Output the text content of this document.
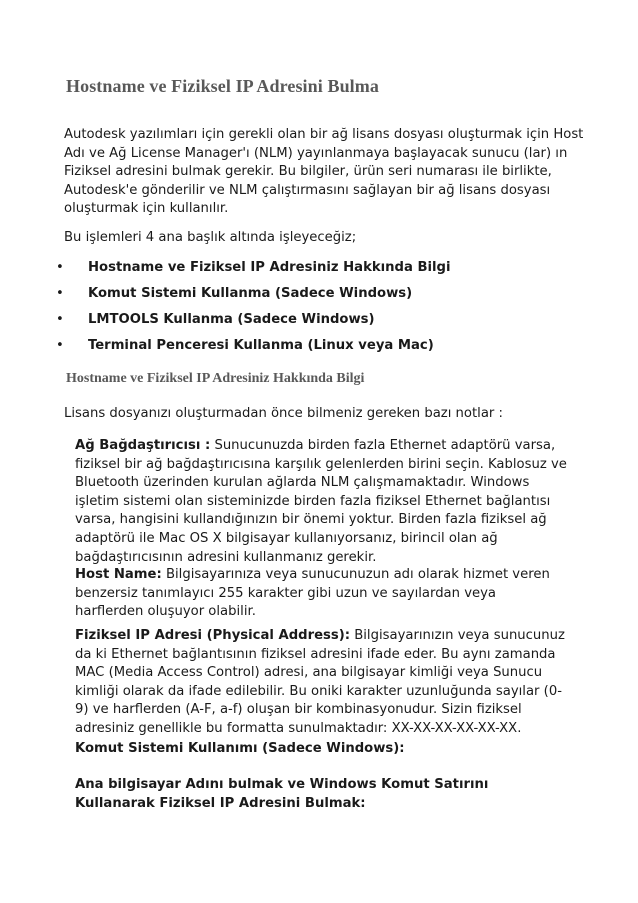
Hostname ve Fiziksel IP Adresini Bulma

Autodesk yazılımları için gerekli olan bir ağ lisans dosyası oluşturmak için Host Adı ve Ağ License Manager'ı (NLM) yayınlanmaya başlayacak sunucu (lar) ın Fiziksel adresini bulmak gerekir. Bu bilgiler, ürün seri numarası ile birlikte, Autodesk'e gönderilir ve NLM çalıştırmasını sağlayan bir ağ lisans dosyası oluşturmak için kullanılır.

Bu işlemleri 4 ana başlık altında işleyeceğiz;

• Hostname ve Fiziksel IP Adresiniz Hakkında Bilgi
• Komut Sistemi Kullanma (Sadece Windows)
• LMTOOLS Kullanma (Sadece Windows)
• Terminal Penceresi Kullanma (Linux veya Mac)
Hostname ve Fiziksel IP Adresiniz Hakkında Bilgi

Lisans dosyanızı oluşturmadan önce bilmeniz gereken bazı notlar :

Ağ Bağdaştırıcısı : Sunucunuzda birden fazla Ethernet adaptörü varsa, fiziksel bir ağ bağdaştırıcısına karşılık gelenlerden birini seçin. Kablosuz ve Bluetooth üzerinden kurulan ağlarda NLM çalışmamaktadır. Windows işletim sistemi olan sisteminizde birden fazla fiziksel Ethernet bağlantısı varsa, hangisini kullandığınızın bir önemi yoktur. Birden fazla fiziksel ağ adaptörü ile Mac OS X bilgisayar kullanıyorsanız, birincil olan ağ bağdaştırıcısının adresini kullanmanız gerekir.

Host Name: Bilgisayarınıza veya sunucunuzun adı olarak hizmet veren benzersiz tanımlayıcı 255 karakter gibi uzun ve sayılardan veya harflerden oluşuyor olabilir.

Fiziksel IP Adresi (Physical Address): Bilgisayarınızın veya sunucunuz da ki Ethernet bağlantısının fiziksel adresini ifade eder. Bu aynı zamanda MAC (Media Access Control) adresi, ana bilgisayar kimliği veya Sunucu kimliği olarak da ifade edilebilir. Bu oniki karakter uzunluğunda sayılar (0-9) ve harflerden (A-F, a-f) oluşan bir kombinasyonudur. Sizin fiziksel adresiniz genellikle bu formatta sunulmaktadır: XX-XX-XX-XX-XX-XX.

Komut Sistemi Kullanımı (Sadece Windows):

Ana bilgisayar Adını bulmak ve Windows Komut Satırını Kullanarak Fiziksel IP Adresini Bulmak:
